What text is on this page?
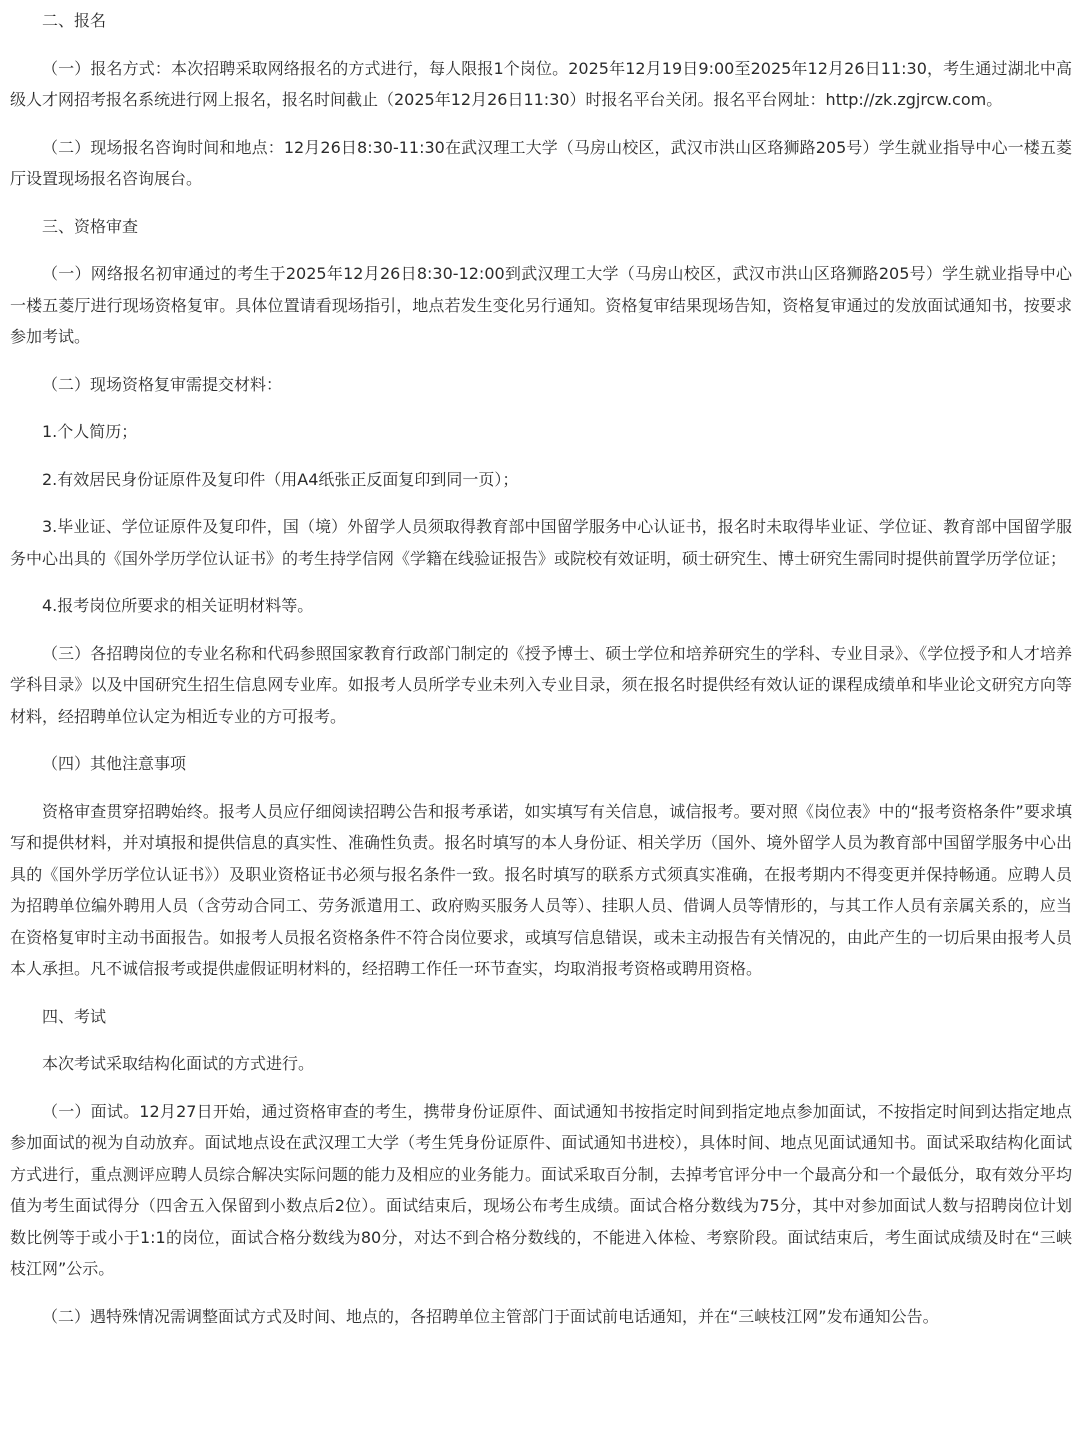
二、报名

（一）报名方式：本次招聘采取网络报名的方式进行，每人限报1个岗位。2025年12月19日9:00至2025年12月26日11:30，考生通过湖北中高级人才网招考报名系统进行网上报名，报名时间截止（2025年12月26日11:30）时报名平台关闭。报名平台网址：http://zk.zgjrcw.com。

（二）现场报名咨询时间和地点：12月26日8:30-11:30在武汉理工大学（马房山校区，武汉市洪山区珞狮路205号）学生就业指导中心一楼五菱厅设置现场报名咨询展台。

三、资格审查

（一）网络报名初审通过的考生于2025年12月26日8:30-12:00到武汉理工大学（马房山校区，武汉市洪山区珞狮路205号）学生就业指导中心一楼五菱厅进行现场资格复审。具体位置请看现场指引，地点若发生变化另行通知。资格复审结果现场告知，资格复审通过的发放面试通知书，按要求参加考试。

（二）现场资格复审需提交材料：

1.个人简历；

2.有效居民身份证原件及复印件（用A4纸张正反面复印到同一页）；

3.毕业证、学位证原件及复印件，国（境）外留学人员须取得教育部中国留学服务中心认证书，报名时未取得毕业证、学位证、教育部中国留学服务中心出具的《国外学历学位认证书》的考生持学信网《学籍在线验证报告》或院校有效证明，硕士研究生、博士研究生需同时提供前置学历学位证；

4.报考岗位所要求的相关证明材料等。

（三）各招聘岗位的专业名称和代码参照国家教育行政部门制定的《授予博士、硕士学位和培养研究生的学科、专业目录》、《学位授予和人才培养学科目录》以及中国研究生招生信息网专业库。如报考人员所学专业未列入专业目录，须在报名时提供经有效认证的课程成绩单和毕业论文研究方向等材料，经招聘单位认定为相近专业的方可报考。

（四）其他注意事项

资格审查贯穿招聘始终。报考人员应仔细阅读招聘公告和报考承诺，如实填写有关信息，诚信报考。要对照《岗位表》中的“报考资格条件”要求填写和提供材料，并对填报和提供信息的真实性、准确性负责。报名时填写的本人身份证、相关学历（国外、境外留学人员为教育部中国留学服务中心出具的《国外学历学位认证书》）及职业资格证书必须与报名条件一致。报名时填写的联系方式须真实准确，在报考期内不得变更并保持畅通。应聘人员为招聘单位编外聘用人员（含劳动合同工、劳务派遣用工、政府购买服务人员等）、挂职人员、借调人员等情形的，与其工作人员有亲属关系的，应当在资格复审时主动书面报告。如报考人员报名资格条件不符合岗位要求，或填写信息错误，或未主动报告有关情况的，由此产生的一切后果由报考人员本人承担。凡不诚信报考或提供虚假证明材料的，经招聘工作任一环节查实，均取消报考资格或聘用资格。

四、考试

本次考试采取结构化面试的方式进行。

（一）面试。12月27日开始，通过资格审查的考生，携带身份证原件、面试通知书按指定时间到指定地点参加面试，不按指定时间到达指定地点参加面试的视为自动放弃。面试地点设在武汉理工大学（考生凭身份证原件、面试通知书进校），具体时间、地点见面试通知书。面试采取结构化面试方式进行，重点测评应聘人员综合解决实际问题的能力及相应的业务能力。面试采取百分制，去掉考官评分中一个最高分和一个最低分，取有效分平均值为考生面试得分（四舍五入保留到小数点后2位）。面试结束后，现场公布考生成绩。面试合格分数线为75分，其中对参加面试人数与招聘岗位计划数比例等于或小于1:1的岗位，面试合格分数线为80分，对达不到合格分数线的，不能进入体检、考察阶段。面试结束后，考生面试成绩及时在“三峡枝江网”公示。

（二）遇特殊情况需调整面试方式及时间、地点的，各招聘单位主管部门于面试前电话通知，并在“三峡枝江网”发布通知公告。
